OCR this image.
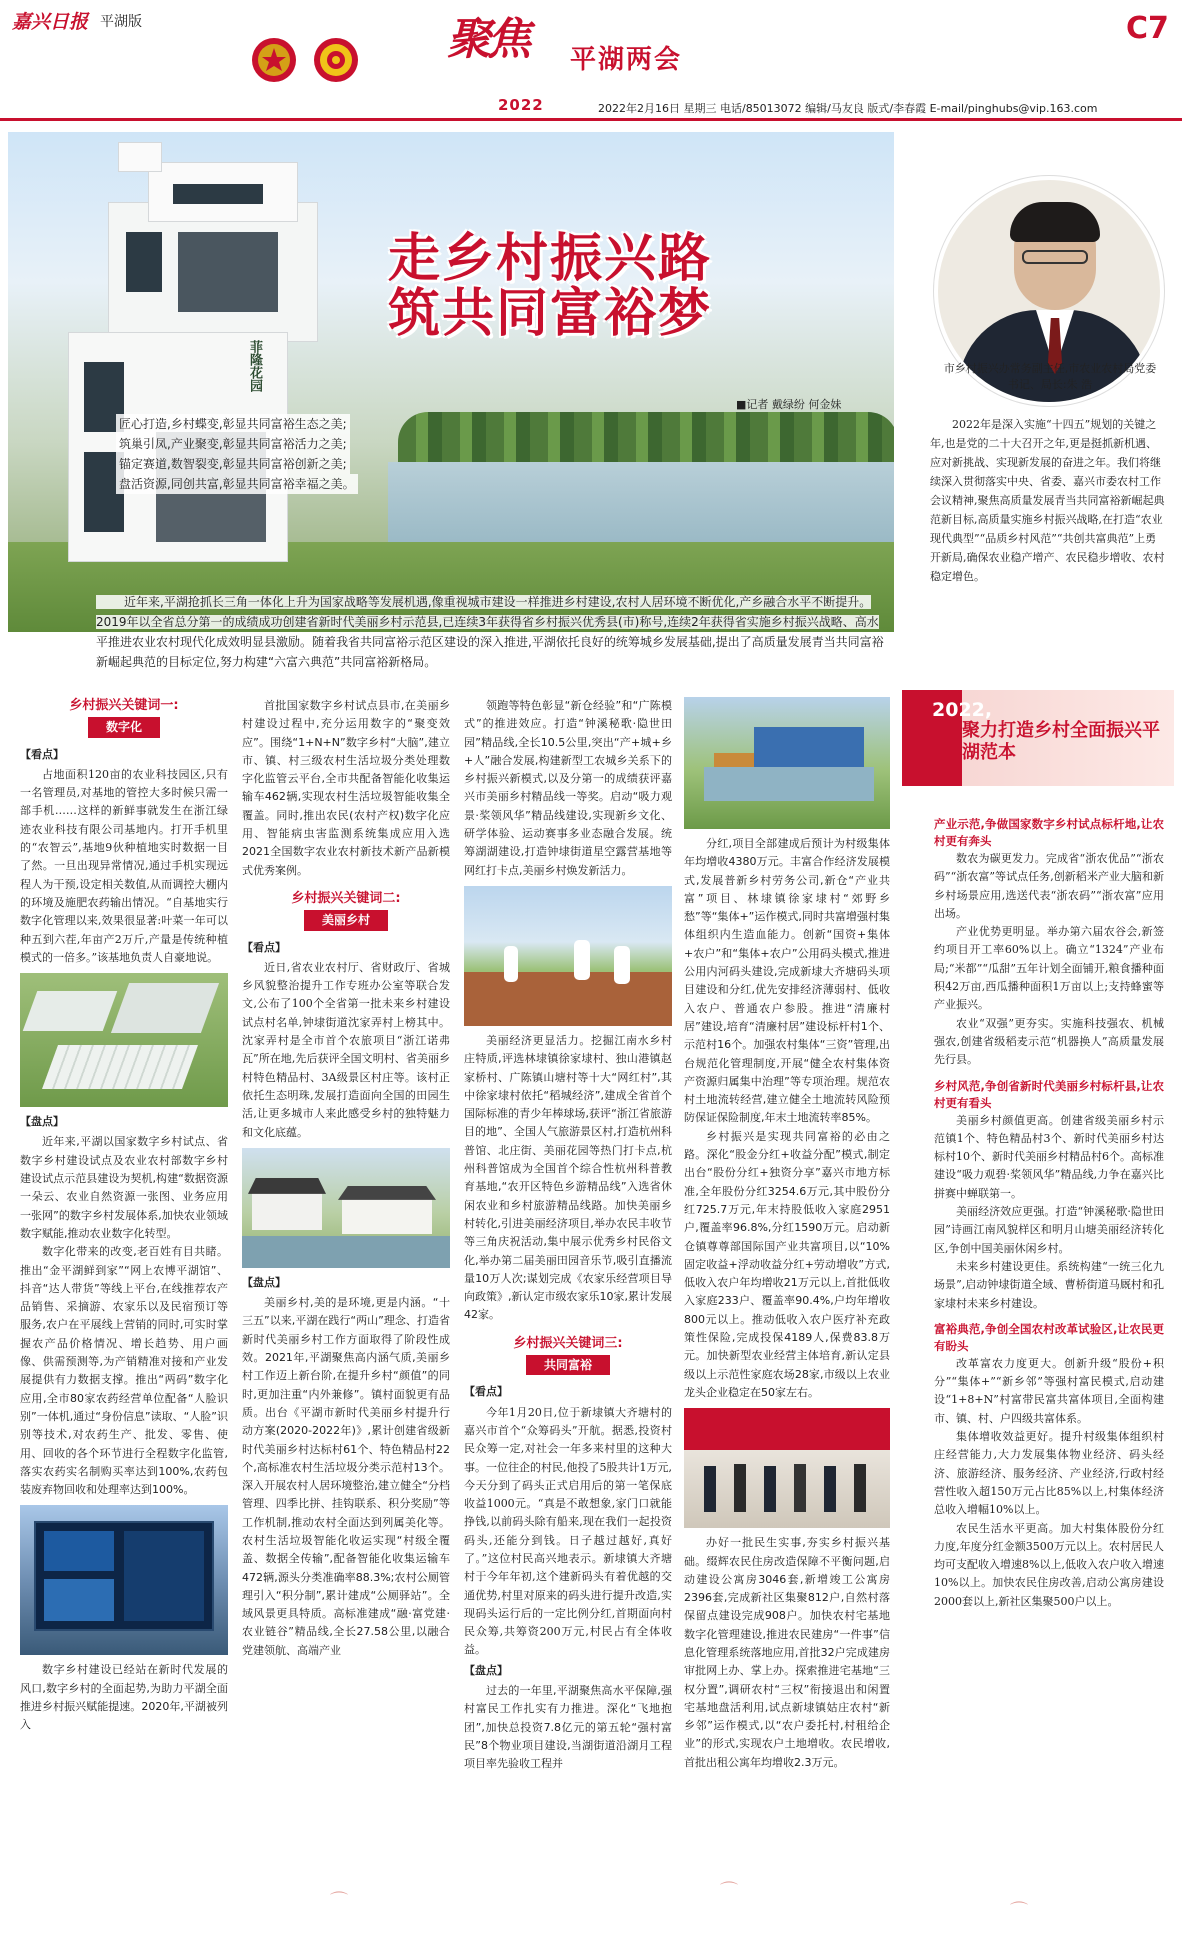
嘉兴日报 平湖版	聚焦 平湖两会
2022
C7
2022年2月16日 星期三 电话/85013072 编辑/马友良 版式/李春霞 E-mail/pinghubs@vip.163.com
菲隆花园
走乡村振兴路
筑共同富裕梦
■记者 戴绿纷 何金妹
匠心打造,乡村蝶变,彰显共同富裕生态之美;
筑巢引凤,产业聚变,彰显共同富裕活力之美;
锚定赛道,数智裂变,彰显共同富裕创新之美;
盘活资源,同创共富,彰显共同富裕幸福之美。
近年来,平湖抢抓长三角一体化上升为国家战略等发展机遇,像重视城市建设一样推进乡村建设,农村人居环境不断优化,产乡融合水平不断提升。2019年以全省总分第一的成绩成功创建省新时代美丽乡村示范县,已连续3年获得省乡村振兴优秀县(市)称号,连续2年获得省实施乡村振兴战略、高水平推进农业农村现代化成效明显县激励。随着我省共同富裕示范区建设的深入推进,平湖依托良好的统筹城乡发展基础,提出了高质量发展青当共同富裕新崛起典范的目标定位,努力构建“六富六典范”共同富裕新格局。
市乡村振兴办常务副主任,市农业农村局党委书记、局长:朱 浩
2022年是深入实施“十四五”规划的关键之年,也是党的二十大召开之年,更是挺抓新机遇、应对新挑战、实现新发展的奋进之年。我们将继续深入贯彻落实中央、省委、嘉兴市委农村工作会议精神,聚焦高质量发展青当共同富裕新崛起典范新目标,高质量实施乡村振兴战略,在打造“农业现代典型”“品质乡村风范”“共创共富典范”上勇开新局,确保农业稳产增产、农民稳步增收、农村稳定增色。
2022,
聚力打造乡村全面振兴平湖范本
乡村振兴关键词一:
数字化
【看点】

占地面积120亩的农业科技园区,只有一名管理员,对基地的管控大多时候只需一部手机……这样的新鲜事就发生在浙江绿迹农业科技有限公司基地内。打开手机里的“农智云”,基地9伙种植地实时数据一目了然。一旦出现异常情况,通过手机实现远程人为干预,设定相关数值,从而调控大棚内的环境及施肥农药输出情况。“自基地实行数字化管理以来,效果很显著:叶菜一年可以种五到六茬,年亩产2万斤,产量是传统种植模式的一倍多。”该基地负责人自豪地说。

【盘点】

近年来,平湖以国家数字乡村试点、省数字乡村建设试点及农业农村部数字乡村建设试点示范县建设为契机,构建“数据资源一朵云、农业自然资源一张图、业务应用一张网”的数字乡村发展体系,加快农业领域数字赋能,推动农业数字化转型。

数字化带来的改变,老百姓有目共睹。推出“金平湖鲜到家”“网上农博平湖馆”、抖音“达人带货”等线上平台,在线推荐农产品销售、采摘游、农家乐以及民宿预订等服务,农户在平展线上营销的同时,可实时掌握农产品价格情况、增长趋势、用户画像、供需预测等,为产销精准对接和产业发展提供有力数据支撑。推出“两码”数字化应用,全市80家农药经营单位配备“人脸识别”一体机,通过“身份信息”读取、“人脸”识别等技术,对农药生产、批发、零售、使用、回收的各个环节进行全程数字化监管,落实农药实名制购买率达到100%,农药包装废弃物回收和处理率达到100%。

数字乡村建设已经站在新时代发展的风口,数字乡村的全面起势,为助力平湖全面推进乡村振兴赋能提速。2020年,平湖被列入

首批国家数字乡村试点县市,在美丽乡村建设过程中,充分运用数字的“聚变效应”。围绕“1+N+N”数字乡村“大脑”,建立市、镇、村三级农村生活垃圾分类处理数字化监管云平台,全市共配备智能化收集运输车462辆,实现农村生活垃圾智能收集全覆盖。同时,推出农民(农村产权)数字化应用、智能病虫害监测系统集成应用入选2021全国数字农业农村新技术新产品新模式优秀案例。

乡村振兴关键词二:
美丽乡村
【看点】

近日,省农业农村厅、省财政厅、省城乡风貌整治提升工作专班办公室等联合发文,公布了100个全省第一批未来乡村建设试点村名单,钟埭街道沈家弄村上榜其中。沈家弄村是全市首个农旅项目“浙江诺弗瓦”所在地,先后获评全国文明村、省美丽乡村特色精品村、3A级景区村庄等。该村正依托生态明珠,发展打造面向全国的田园生活,让更多城市人来此感受乡村的独特魅力和文化底蕴。

【盘点】

美丽乡村,美的是环境,更是内涵。“十三五”以来,平湖在践行“两山”理念、打造省新时代美丽乡村工作方面取得了阶段性成效。2021年,平湖聚焦高内涵气质,美丽乡村工作迈上新台阶,在提升乡村“颜值”的同时,更加注重“内外兼修”。镇村面貌更有品质。出台《平湖市新时代美丽乡村提升行动方案(2020-2022年)》,累计创建省级新时代美丽乡村达标村61个、特色精品村22个,高标准农村生活垃圾分类示范村13个。深入开展农村人居环境整治,建立健全“分档管理、四季比拼、挂钩联系、积分奖励”等工作机制,推动农村全面达到列属美化等。农村生活垃圾智能化收运实现“村级全覆盖、数据全传输”,配备智能化收集运输车472辆,源头分类准确率88.3%;农村公厕管理引入“积分制”,累计建成“公厕驿站”。全域风景更具特质。高标准建成“融·富党建·农业链谷”精品线,全长27.58公里,以融合党建领航、高端产业

领跑等特色彰显“新仓经验”和“广陈模式”的推进效应。打造“钟溪秘歌·隐世田园”精品线,全长10.5公里,突出“产+城+乡+人”融合发展,构建新型工农城乡关系下的乡村振兴新模式,以及分第一的成绩获评嘉兴市美丽乡村精品线一等奖。启动“吸力观景·桨领风华”精品线建设,实现新乡文化、研学体验、运动赛事多业态融合发展。统筹湖湖建设,打造钟埭街道星空露营基地等网红打卡点,美丽乡村焕发新活力。

美丽经济更显活力。挖掘江南水乡村庄特质,评选林埭镇徐家埭村、独山港镇赵家桥村、广陈镇山塘村等十大“网红村”,其中徐家埭村依托“稻城经济”,建成全省首个国际标准的青少年棒球场,获评“浙江省旅游目的地”、全国人气旅游景区村,打造杭州科普馆、北庄街、美丽花园等热门打卡点,杭州科普馆成为全国首个综合性杭州科普教育基地,“农开区特色乡游精品线”入选省休闲农业和乡村旅游精品线路。加快美丽乡村转化,引进美丽经济项目,举办农民丰收节等三角庆祝活动,集中展示优秀乡村民俗文化,举办第二届美丽田园音乐节,吸引直播流量10万人次;谋划完成《农家乐经营项目导向政策》,新认定市级农家乐10家,累计发展42家。

乡村振兴关键词三:
共同富裕
【看点】

今年1月20日,位于新埭镇大齐塘村的嘉兴市首个“众筹码头”开航。据悉,投资村民众筹一定,对社会一年多来村里的这种大事。一位往企的村民,他投了5股共计1万元,今天分到了码头正式启用后的第一笔保底收益1000元。“真是不敢想象,家门口就能挣钱,以前码头除有船来,现在我们一起投资码头,还能分到钱。日子越过越好,真好了。”这位村民高兴地表示。新埭镇大齐塘村于今年年初,这个建新码头有着优越的交通优势,村里对原来的码头进行提升改造,实现码头运行后的一定比例分红,首期面向村民众筹,共筹资200万元,村民占有全体收益。

【盘点】

过去的一年里,平湖聚焦高水平保障,强村富民工作扎实有力推进。深化“飞地抱团”,加快总投资7.8亿元的第五轮“强村富民”8个物业项目建设,当湖街道沿湖月工程项目率先验收工程并

分红,项目全部建成后预计为村级集体年均增收4380万元。丰富合作经济发展模式,发展普新乡村劳务公司,新仓“产业共富”项目、林埭镇徐家埭村“郊野乡愁”等“集体+”运作模式,同时共富增强村集体组织内生造血能力。创新“国资+集体+农户”和“集体+农户”公用码头模式,推进公用内河码头建设,完成新埭大齐塘码头项目建设和分红,优先安排经济薄弱村、低收入农户、普通农户参股。推进“清廉村居”建设,培育“清廉村居”建设标杆村1个、示范村16个。加强农村集体“三资”管理,出台规范化管理制度,开展“健全农村集体资产资源归属集中治理”等专项治理。规范农村土地流转经营,建立健全土地流转风险预防保证保险制度,年末土地流转率85%。

乡村振兴是实现共同富裕的必由之路。深化“股金分红+收益分配”模式,制定出台“股份分红+独资分享”嘉兴市地方标准,全年股份分红3254.6万元,其中股份分红725.7万元,年末持股低收入家庭2951户,覆盖率96.8%,分红1590万元。启动新仓镇尊尊部国际国产业共富项目,以“10%固定收益+浮动收益分红+劳动增收”方式,低收入农户年均增收21万元以上,首批低收入家庭233户、覆盖率90.4%,户均年增收800元以上。推动低收入农户医疗补充政策性保险,完成投保4189人,保费83.8万元。加快新型农业经营主体培育,新认定县级以上示范性家庭农场28家,市级以上农业龙头企业稳定在50家左右。

办好一批民生实事,夯实乡村振兴基础。缀辉农民住房改造保障不平衡问题,启动建设公寓房3046套,新增竣工公寓房2396套,完成新社区集聚812户,自然村落保留点建设完成908户。加快农村宅基地数字化管理建设,推进农民建房“一件事”信息化管理系统落地应用,首批32户完成建房审批网上办、掌上办。探索推进宅基地“三权分置”,调研农村“三权”衔接退出和闲置宅基地盘活利用,试点新埭镇姑庄农村“新乡邻”运作模式,以“农户委托村,村租给企业”的形式,实现农户土地增收。农民增收,首批出租公寓年均增收2.3万元。

产业示范,争做国家数字乡村试点标杆地,让农村更有奔头

数农为碳更发力。完成省“浙农优品”“浙农码”“浙农富”等试点任务,创新稻米产业大脑和新乡村场景应用,选送代表“浙农码”“浙农富”应用出场。

产业优势更明显。举办第六届农谷会,新签约项目开工率60%以上。确立“1324”产业布局;“米都”“瓜甜”五年计划全面铺开,粮食播种面积42万亩,西瓜播种面积1万亩以上;支持蜂蜜等产业振兴。

农业“双强”更夯实。实施科技强农、机械强农,创建省级稻麦示范“机器换人”高质量发展先行县。

乡村风范,争创省新时代美丽乡村标杆县,让农村更有看头

美丽乡村颜值更高。创建省级美丽乡村示范镇1个、特色精品村3个、新时代美丽乡村达标村10个、新时代美丽乡村精品村6个。高标准建设“吸力观碧·桨领风华”精品线,力争在嘉兴比拼赛中蝉联第一。

美丽经济效应更强。打造“钟溪秘歌·隐世田园”诗画江南风貌样区和明月山塘美丽经济转化区,争创中国美丽休闲乡村。

未来乡村建设更佳。系统构建“一统三化九场景”,启动钟埭街道全域、曹桥街道马厩村和孔家埭村未来乡村建设。

富裕典范,争创全国农村改革试验区,让农民更有盼头

改革富农力度更大。创新升级“股份+积分”“集体+”“新乡邻”等强村富民模式,启动建设“1+8+N”村富带民富共富体项目,全面构建市、镇、村、户四级共富体系。

集体增收效益更好。提升村级集体组织村庄经营能力,大力发展集体物业经济、码头经济、旅游经济、服务经济、产业经济,行政村经营性收入超150万元占比85%以上,村集体经济总收入增幅10%以上。

农民生活水平更高。加大村集体股份分红力度,年度分红金额3500万元以上。农村居民人均可支配收入增速8%以上,低收入农户收入增速10%以上。加快农民住房改善,启动公寓房建设2000套以上,新社区集聚500户以上。

⌒	⌒
⌒
